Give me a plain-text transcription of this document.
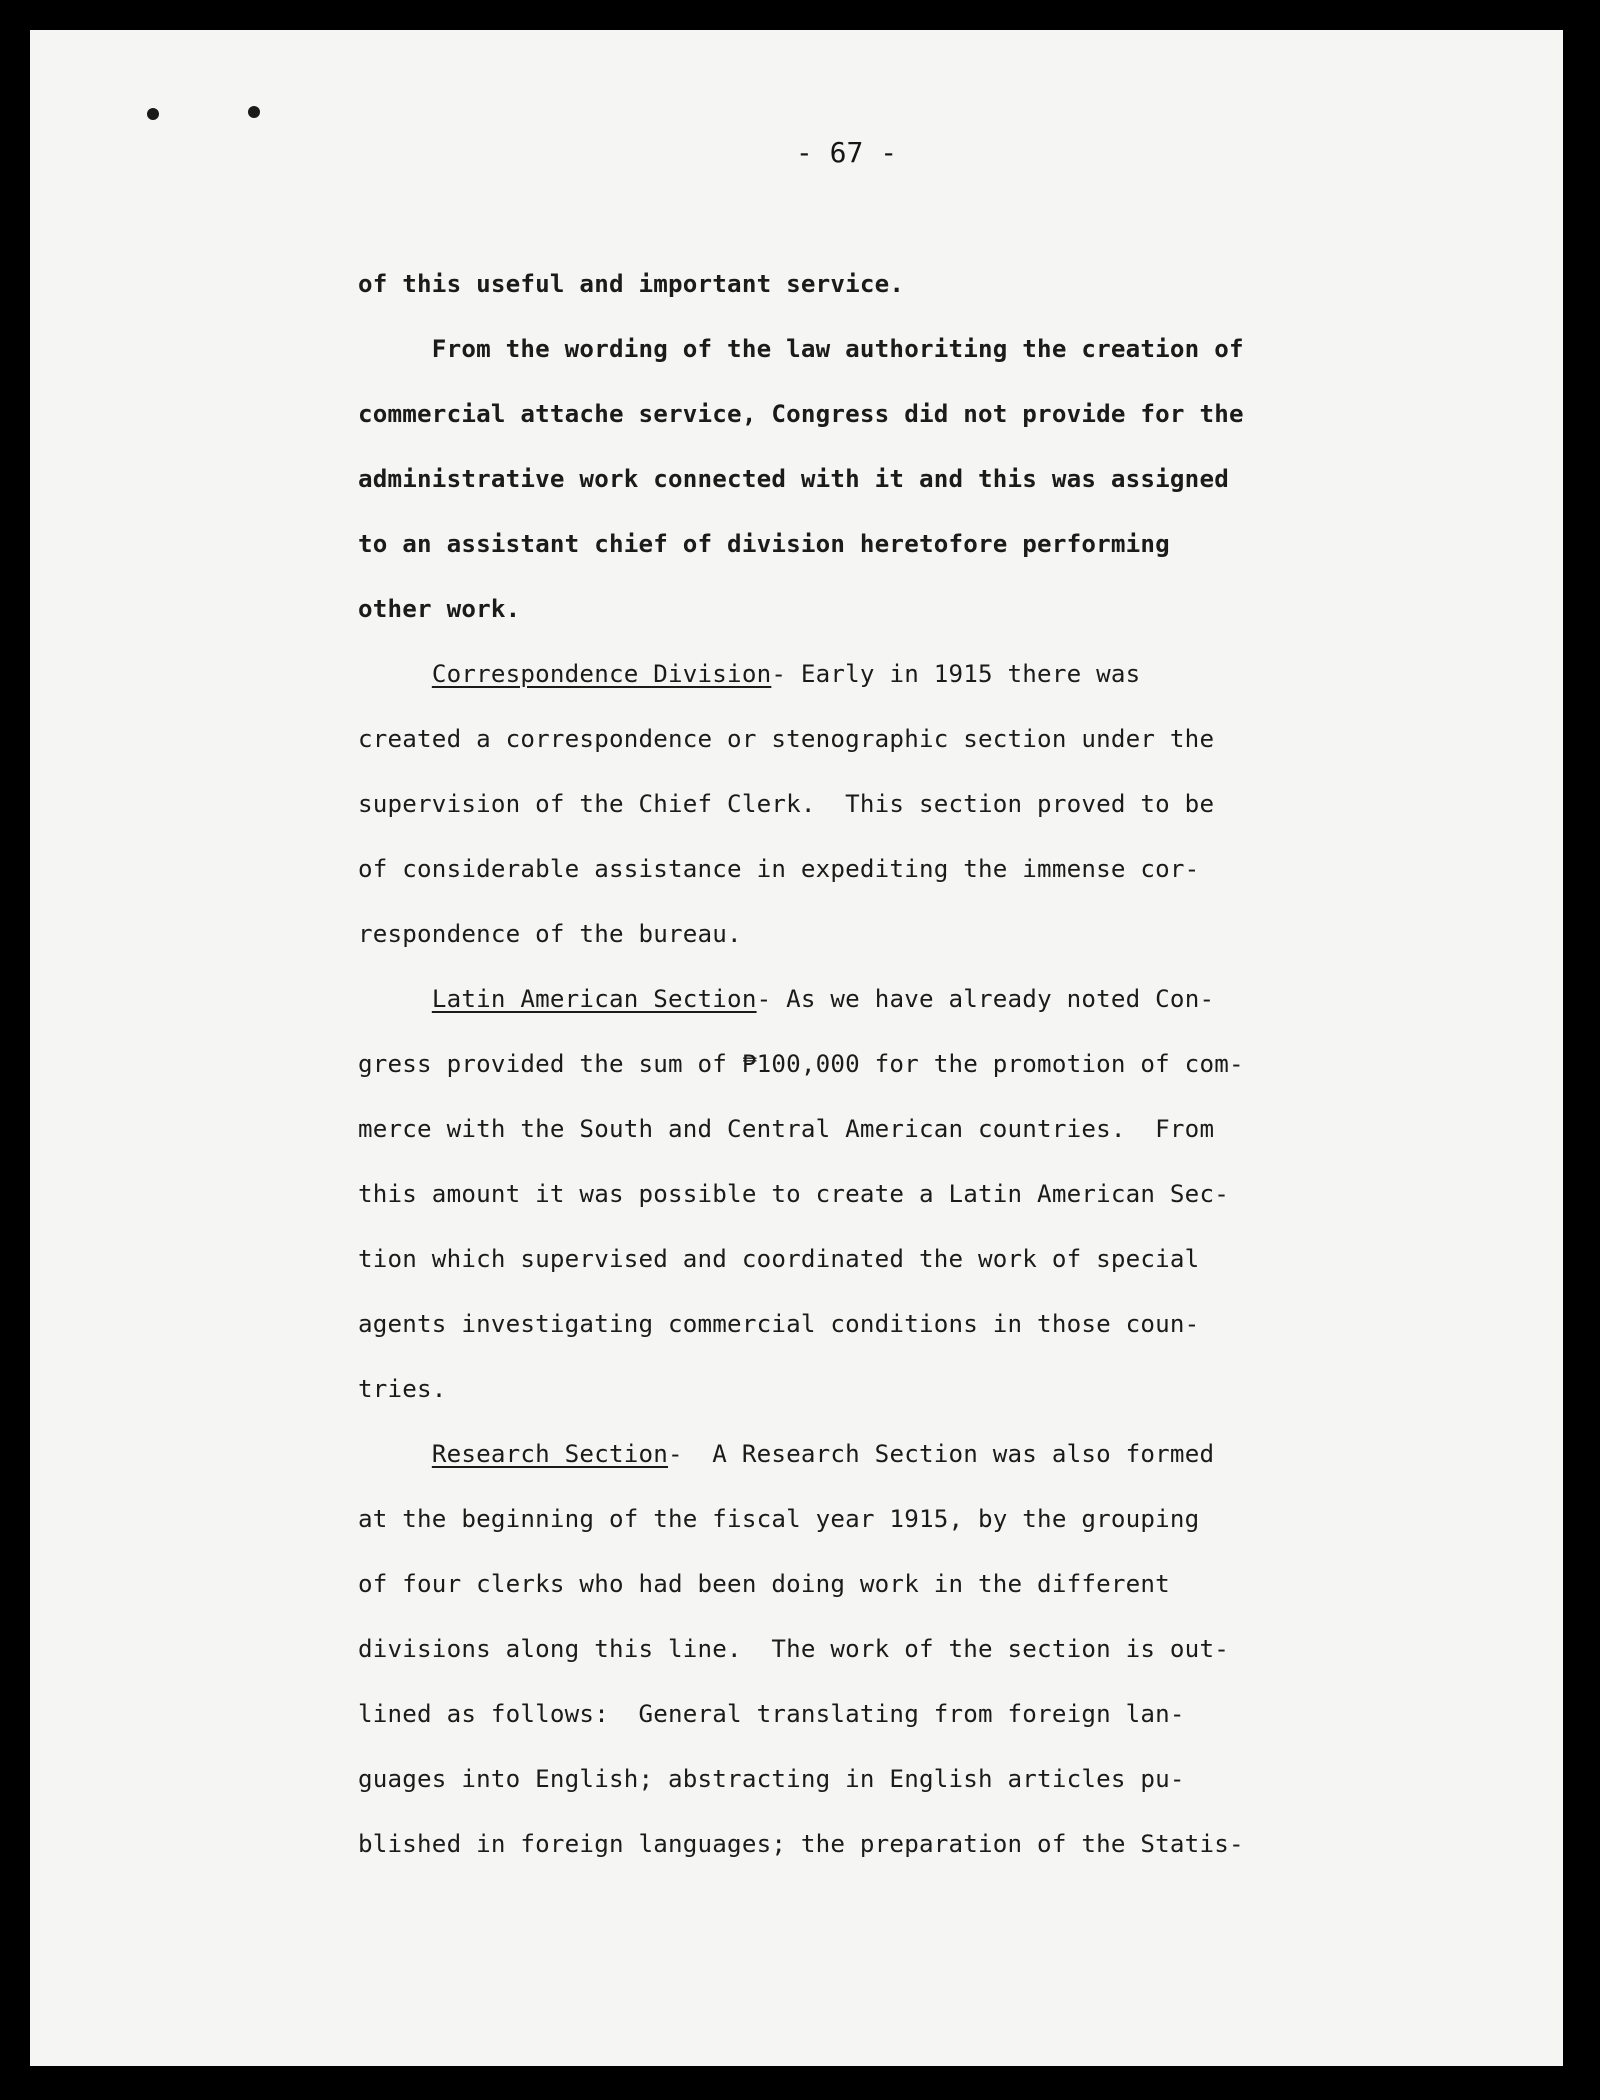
- 67 -
of this useful and important service.
From the wording of the law authoriting the creation of
commercial attache service, Congress did not provide for the
administrative work connected with it and this was assigned
to an assistant chief of division heretofore performing
other work.
Correspondence Division- Early in 1915 there was
created a correspondence or stenographic section under the
supervision of the Chief Clerk.  This section proved to be
of considerable assistance in expediting the immense cor-
respondence of the bureau.
Latin American Section- As we have already noted Con-
gress provided the sum of ₱100,000 for the promotion of com-
merce with the South and Central American countries.  From
this amount it was possible to create a Latin American Sec-
tion which supervised and coordinated the work of special
agents investigating commercial conditions in those coun-
tries.
Research Section-  A Research Section was also formed
at the beginning of the fiscal year 1915, by the grouping
of four clerks who had been doing work in the different
divisions along this line.  The work of the section is out-
lined as follows:  General translating from foreign lan-
guages into English; abstracting in English articles pu-
blished in foreign languages; the preparation of the Statis-
